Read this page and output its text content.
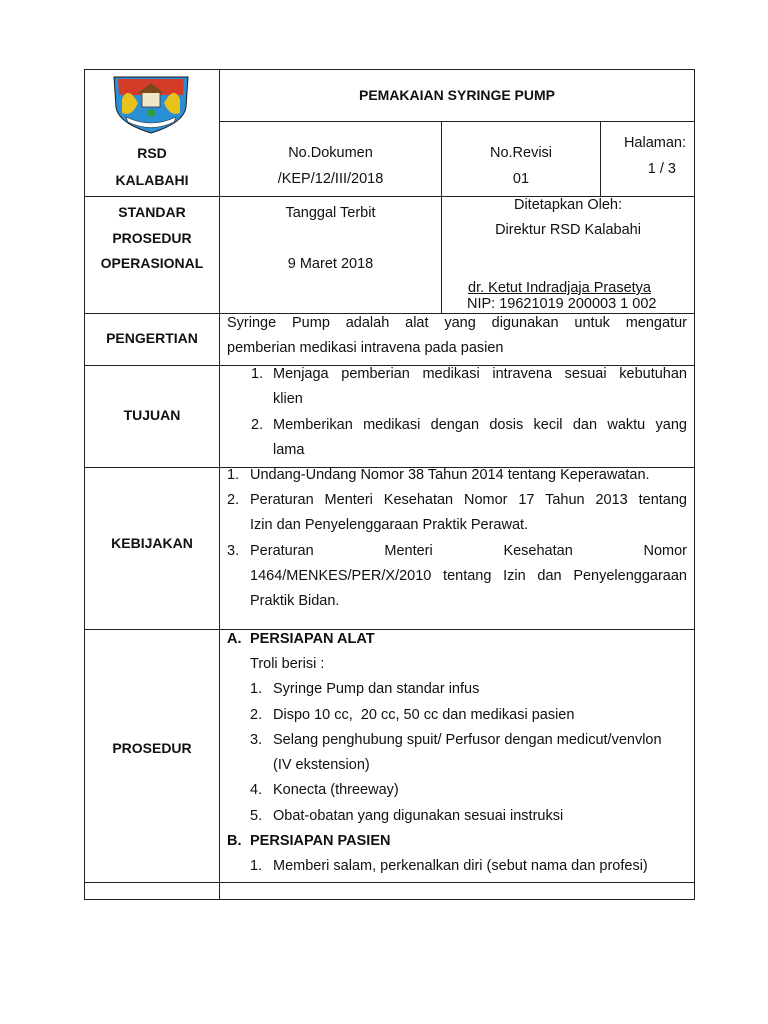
RSD
KALABAHI
PEMAKAIAN SYRINGE PUMP
No.Dokumen
/KEP/12/III/2018
No.Revisi
01
Halaman:
1 / 3
STANDAR
PROSEDUR
OPERASIONAL
Tanggal Terbit
9 Maret 2018
Ditetapkan Oleh:
Direktur RSD Kalabahi
dr. Ketut Indradjaja Prasetya
NIP: 19621019 200003 1 002
PENGERTIAN
Syringe  Pump  adalah  alat  yang  digunakan  untuk  mengatur
pemberian medikasi intravena pada pasien
TUJUAN
1. Menjaga pemberian medikasi intravena sesuai kebutuhan
klien
2. Memberikan medikasi dengan dosis kecil dan waktu yang
lama
KEBIJAKAN
1. Undang-Undang Nomor 38 Tahun 2014 tentang Keperawatan.
2. Peraturan Menteri Kesehatan Nomor 17 Tahun 2013 tentang
Izin dan Penyelenggaraan Praktik Perawat.
3. Peraturan Menteri Kesehatan Nomor
1464/MENKES/PER/X/2010 tentang Izin dan Penyelenggaraan
Praktik Bidan.
PROSEDUR
A. PERSIAPAN ALAT
Troli berisi :
1. Syringe Pump dan standar infus
2. Dispo 10 cc,  20 cc, 50 cc dan medikasi pasien
3. Selang penghubung spuit/ Perfusor dengan medicut/venvlon
(IV ekstension)
4. Konecta (threeway)
5. Obat-obatan yang digunakan sesuai instruksi
B. PERSIAPAN PASIEN
1. Memberi salam, perkenalkan diri (sebut nama dan profesi)
